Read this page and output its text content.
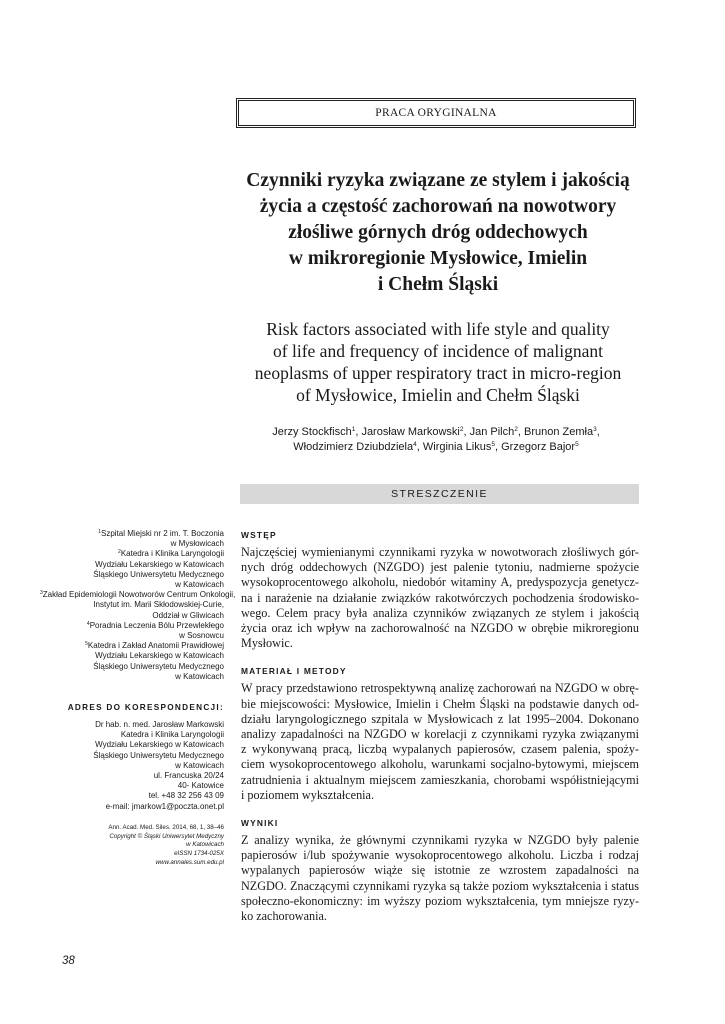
PRACA ORYGINALNA
Czynniki ryzyka związane ze stylem i jakością
życia a częstość zachorowań na nowotwory
złośliwe górnych dróg oddechowych
w mikroregionie Mysłowice, Imielin
i Chełm Śląski
Risk factors associated with life style and quality
of life and frequency of incidence of malignant
neoplasms of upper respiratory tract in micro-region
of Mysłowice, Imielin and Chełm Śląski
Jerzy Stockfisch$^1$, Jarosław Markowski$^2$, Jan Pilch$^2$, Brunon Zemła$^3$,
Włodzimierz Dziubdziela$^4$, Wirginia Likus$^5$, Grzegorz Bajor$^5$
STRESZCZENIE
$^1$Szpital Miejski nr 2 im. T. Boczonia
w Mysłowicach
$^2$Katedra i Klinika Laryngologii
Wydziału Lekarskiego w Katowicach
Śląskiego Uniwersytetu Medycznego
w Katowicach
$^3$Zakład Epidemiologii Nowotworów Centrum Onkologii,
Instytut im. Marii Skłodowskiej-Curie,
Oddział w Gliwicach
$^4$Poradnia Leczenia Bólu Przewlekłego
w Sosnowcu
$^5$Katedra i Zakład Anatomii Prawidłowej
Wydziału Lekarskiego w Katowicach
Śląskiego Uniwersytetu Medycznego
w Katowicach
ADRES DO KORESPONDENCJI:
Dr hab. n. med. Jarosław Markowski
Katedra i Klinika Laryngologii
Wydziału Lekarskiego w Katowicach
Śląskiego Uniwersytetu Medycznego
w Katowicach
ul. Francuska 20/24
40- Katowice
tel. +48 32 256 43 09
e-mail: jmarkow1@poczta.onet.pl
Ann. Acad. Med. Siles. 2014, 68, 1, 38–46
Copyright © Śląski Uniwersytet Medyczny
w Katowicach
eISSN 1734-025X
www.annales.sum.edu.pl
WSTĘP

Najczęściej wymienianymi czynnikami ryzyka w nowotworach złośliwych gór-
nych dróg oddechowych (NZGDO) jest palenie tytoniu, nadmierne spożycie
wysokoprocentowego alkoholu, niedobór witaminy A, predyspozycja genetycz-
na i narażenie na działanie związków rakotwórczych pochodzenia środowisko-
wego. Celem pracy była analiza czynników związanych ze stylem i jakością
życia oraz ich wpływ na zachorowalność na NZGDO w obrębie mikroregionu
Mysłowic.

MATERIAŁ I METODY

W pracy przedstawiono retrospektywną analizę zachorowań na NZGDO w obrę-
bie miejscowości: Mysłowice, Imielin i Chełm Śląski na podstawie danych od-
działu laryngologicznego szpitala w Mysłowicach z lat 1995–2004. Dokonano
analizy zapadalności na NZGDO w korelacji z czynnikami ryzyka związanymi
z wykonywaną pracą, liczbą wypalanych papierosów, czasem palenia, spoży-
ciem wysokoprocentowego alkoholu, warunkami socjalno-bytowymi, miejscem
zatrudnienia i aktualnym miejscem zamieszkania, chorobami współistniejącymi
i poziomem wykształcenia.

WYNIKI

Z analizy wynika, że głównymi czynnikami ryzyka w NZGDO były palenie
papierosów i/lub spożywanie wysokoprocentowego alkoholu. Liczba i rodzaj
wypalanych papierosów wiąże się istotnie ze wzrostem zapadalności na
NZGDO. Znaczącymi czynnikami ryzyka są także poziom wykształcenia i status
społeczno-ekonomiczny: im wyższy poziom wykształcenia, tym mniejsze ryzy-
ko zachorowania.

38
